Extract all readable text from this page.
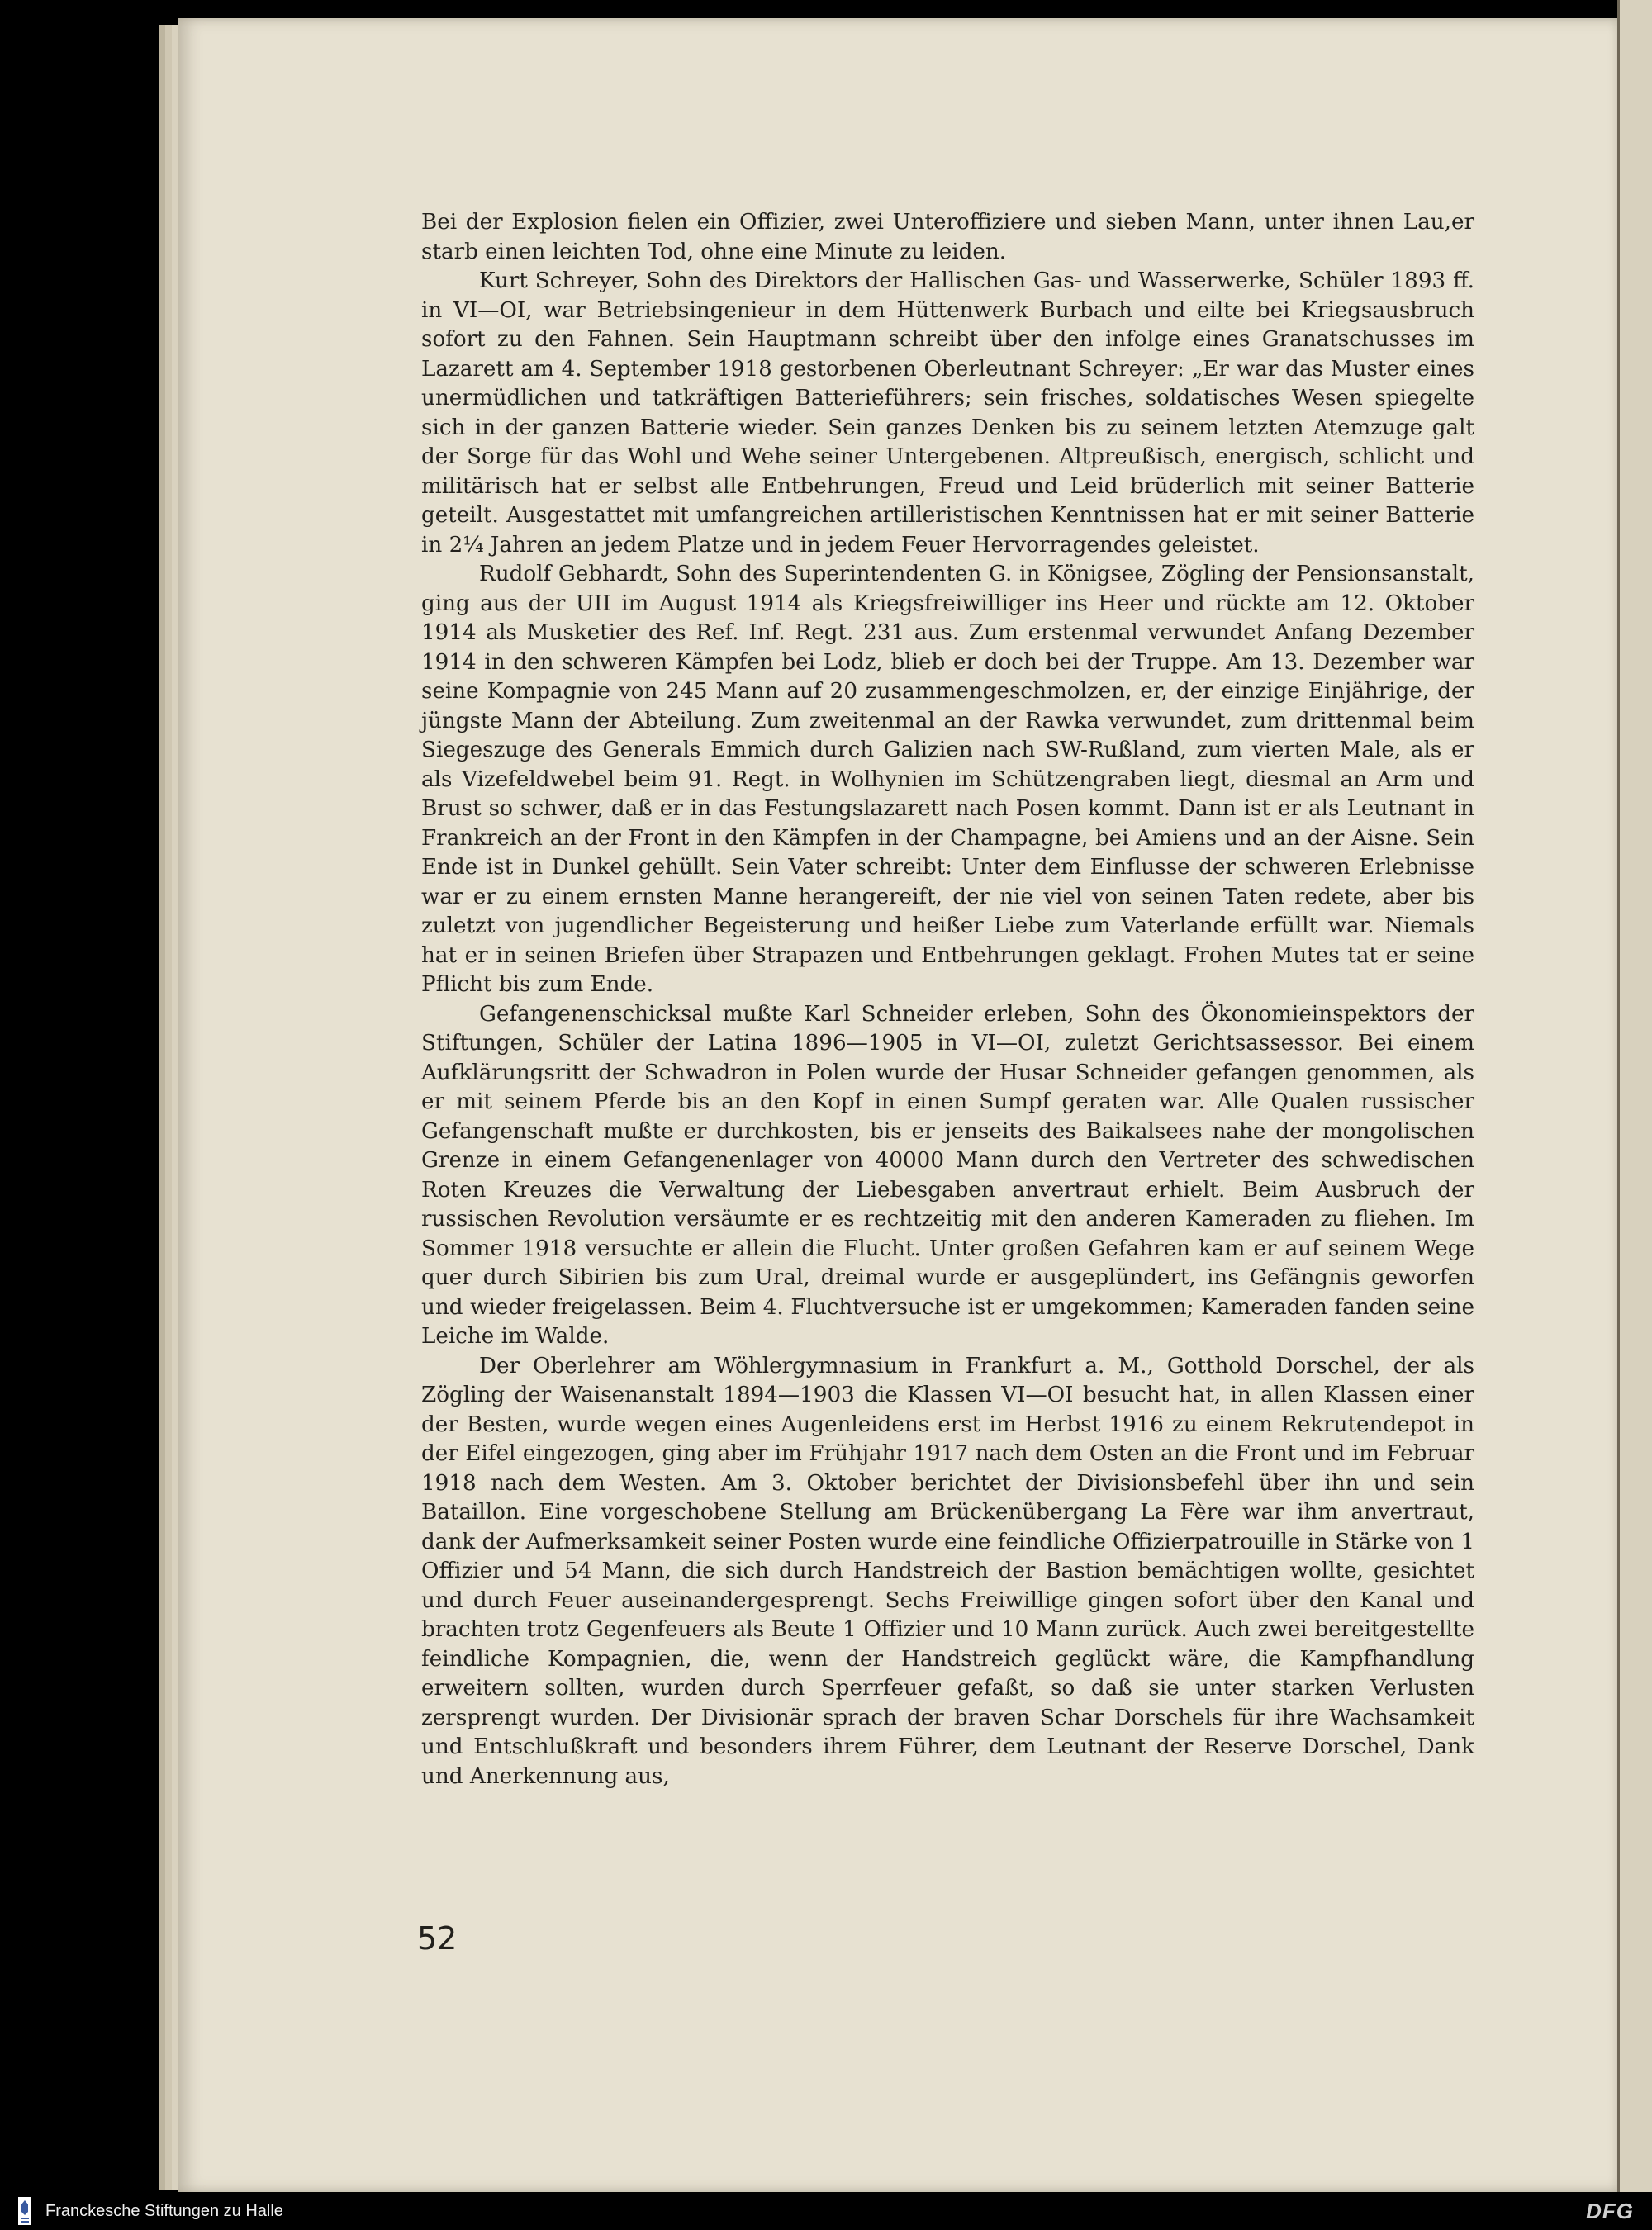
Bei der Explosion fielen ein Offizier, zwei Unteroffiziere und sieben Mann, unter ihnen Lau,er starb einen leichten Tod, ohne eine Minute zu leiden.

Kurt Schreyer, Sohn des Direktors der Hallischen Gas- und Wasserwerke, Schüler 1893 ff. in VI—OI, war Betriebsingenieur in dem Hüttenwerk Burbach und eilte bei Kriegsausbruch sofort zu den Fahnen. Sein Hauptmann schreibt über den infolge eines Granatschusses im Lazarett am 4. September 1918 gestorbenen Oberleutnant Schreyer: „Er war das Muster eines unermüdlichen und tatkräftigen Batterieführers; sein frisches, soldatisches Wesen spiegelte sich in der ganzen Batterie wieder. Sein ganzes Denken bis zu seinem letzten Atemzuge galt der Sorge für das Wohl und Wehe seiner Untergebenen. Altpreußisch, energisch, schlicht und militärisch hat er selbst alle Entbehrungen, Freud und Leid brüderlich mit seiner Batterie geteilt. Ausgestattet mit umfangreichen artilleristischen Kenntnissen hat er mit seiner Batterie in 2¼ Jahren an jedem Platze und in jedem Feuer Hervorragendes geleistet.

Rudolf Gebhardt, Sohn des Superintendenten G. in Königsee, Zögling der Pensionsanstalt, ging aus der UII im August 1914 als Kriegsfreiwilliger ins Heer und rückte am 12. Oktober 1914 als Musketier des Ref. Inf. Regt. 231 aus. Zum erstenmal verwundet Anfang Dezember 1914 in den schweren Kämpfen bei Lodz, blieb er doch bei der Truppe. Am 13. Dezember war seine Kompagnie von 245 Mann auf 20 zusammengeschmolzen, er, der einzige Einjährige, der jüngste Mann der Abteilung. Zum zweitenmal an der Rawka verwundet, zum drittenmal beim Siegeszuge des Generals Emmich durch Galizien nach SW-Rußland, zum vierten Male, als er als Vizefeldwebel beim 91. Regt. in Wolhynien im Schützengraben liegt, diesmal an Arm und Brust so schwer, daß er in das Festungslazarett nach Posen kommt. Dann ist er als Leutnant in Frankreich an der Front in den Kämpfen in der Champagne, bei Amiens und an der Aisne. Sein Ende ist in Dunkel gehüllt. Sein Vater schreibt: Unter dem Einflusse der schweren Erlebnisse war er zu einem ernsten Manne herangereift, der nie viel von seinen Taten redete, aber bis zuletzt von jugendlicher Begeisterung und heißer Liebe zum Vaterlande erfüllt war. Niemals hat er in seinen Briefen über Strapazen und Entbehrungen geklagt. Frohen Mutes tat er seine Pflicht bis zum Ende.

Gefangenenschicksal mußte Karl Schneider erleben, Sohn des Ökonomieinspektors der Stiftungen, Schüler der Latina 1896—1905 in VI—OI, zuletzt Gerichtsassessor. Bei einem Aufklärungsritt der Schwadron in Polen wurde der Husar Schneider gefangen genommen, als er mit seinem Pferde bis an den Kopf in einen Sumpf geraten war. Alle Qualen russischer Gefangenschaft mußte er durchkosten, bis er jenseits des Baikalsees nahe der mongolischen Grenze in einem Gefangenenlager von 40000 Mann durch den Vertreter des schwedischen Roten Kreuzes die Verwaltung der Liebesgaben anvertraut erhielt. Beim Ausbruch der russischen Revolution versäumte er es rechtzeitig mit den anderen Kameraden zu fliehen. Im Sommer 1918 versuchte er allein die Flucht. Unter großen Gefahren kam er auf seinem Wege quer durch Sibirien bis zum Ural, dreimal wurde er ausgeplündert, ins Gefängnis geworfen und wieder freigelassen. Beim 4. Fluchtversuche ist er umgekommen; Kameraden fanden seine Leiche im Walde.

Der Oberlehrer am Wöhlergymnasium in Frankfurt a. M., Gotthold Dorschel, der als Zögling der Waisenanstalt 1894—1903 die Klassen VI—OI besucht hat, in allen Klassen einer der Besten, wurde wegen eines Augenleidens erst im Herbst 1916 zu einem Rekrutendepot in der Eifel eingezogen, ging aber im Frühjahr 1917 nach dem Osten an die Front und im Februar 1918 nach dem Westen. Am 3. Oktober berichtet der Divisionsbefehl über ihn und sein Bataillon. Eine vorgeschobene Stellung am Brückenübergang La Fère war ihm anvertraut, dank der Aufmerksamkeit seiner Posten wurde eine feindliche Offizierpatrouille in Stärke von 1 Offizier und 54 Mann, die sich durch Handstreich der Bastion bemächtigen wollte, gesichtet und durch Feuer auseinandergesprengt. Sechs Freiwillige gingen sofort über den Kanal und brachten trotz Gegenfeuers als Beute 1 Offizier und 10 Mann zurück. Auch zwei bereitgestellte feindliche Kompagnien, die, wenn der Handstreich geglückt wäre, die Kampfhandlung erweitern sollten, wurden durch Sperrfeuer gefaßt, so daß sie unter starken Verlusten zersprengt wurden. Der Divisionär sprach der braven Schar Dorschels für ihre Wachsamkeit und Entschlußkraft und besonders ihrem Führer, dem Leutnant der Reserve Dorschel, Dank und Anerkennung aus,

52
Franckesche Stiftungen zu Halle	DFG
